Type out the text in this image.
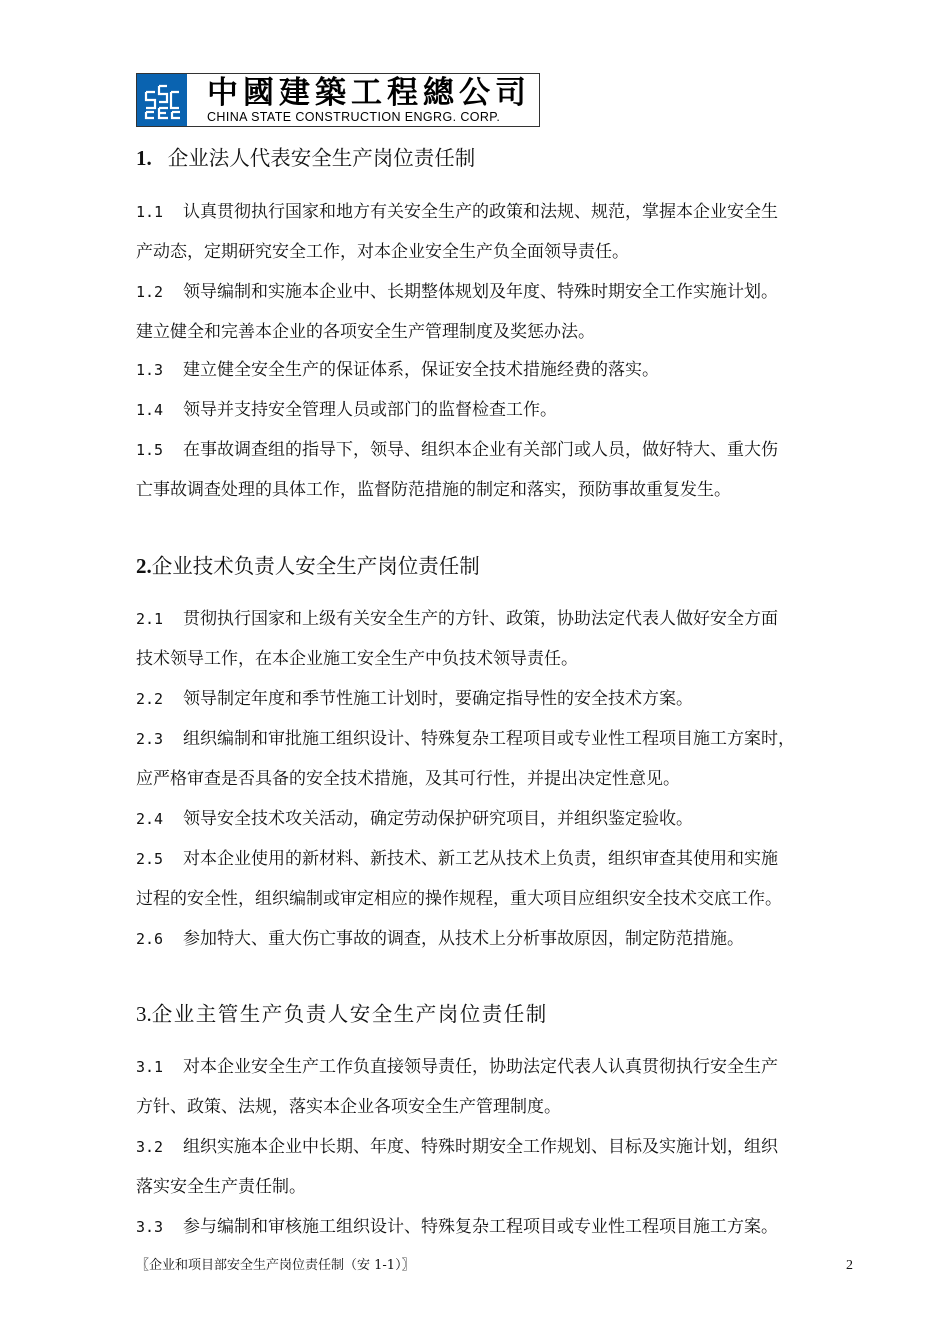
中國建築工程總公司
CHINA STATE CONSTRUCTION ENGRG. CORP.
1. 企业法人代表安全生产岗位责任制
1.1 认真贯彻执行国家和地方有关安全生产的政策和法规、规范，掌握本企业安全生
产动态，定期研究安全工作，对本企业安全生产负全面领导责任。
1.2 领导编制和实施本企业中、长期整体规划及年度、特殊时期安全工作实施计划。
建立健全和完善本企业的各项安全生产管理制度及奖惩办法。
1.3 建立健全安全生产的保证体系，保证安全技术措施经费的落实。
1.4 领导并支持安全管理人员或部门的监督检查工作。
1.5 在事故调查组的指导下，领导、组织本企业有关部门或人员，做好特大、重大伤
亡事故调查处理的具体工作，监督防范措施的制定和落实，预防事故重复发生。
2.企业技术负责人安全生产岗位责任制
2.1 贯彻执行国家和上级有关安全生产的方针、政策，协助法定代表人做好安全方面
技术领导工作，在本企业施工安全生产中负技术领导责任。
2.2 领导制定年度和季节性施工计划时，要确定指导性的安全技术方案。
2.3 组织编制和审批施工组织设计、特殊复杂工程项目或专业性工程项目施工方案时，
应严格审查是否具备的安全技术措施，及其可行性，并提出决定性意见。
2.4 领导安全技术攻关活动，确定劳动保护研究项目，并组织鉴定验收。
2.5 对本企业使用的新材料、新技术、新工艺从技术上负责，组织审查其使用和实施
过程的安全性，组织编制或审定相应的操作规程，重大项目应组织安全技术交底工作。
2.6 参加特大、重大伤亡事故的调查，从技术上分析事故原因，制定防范措施。
3.企业主管生产负责人安全生产岗位责任制
3.1 对本企业安全生产工作负直接领导责任，协助法定代表人认真贯彻执行安全生产
方针、政策、法规，落实本企业各项安全生产管理制度。
3.2 组织实施本企业中长期、年度、特殊时期安全工作规划、目标及实施计划，组织
落实安全生产责任制。
3.3 参与编制和审核施工组织设计、特殊复杂工程项目或专业性工程项目施工方案。
〖企业和项目部安全生产岗位责任制（安 1-1）〗	2
